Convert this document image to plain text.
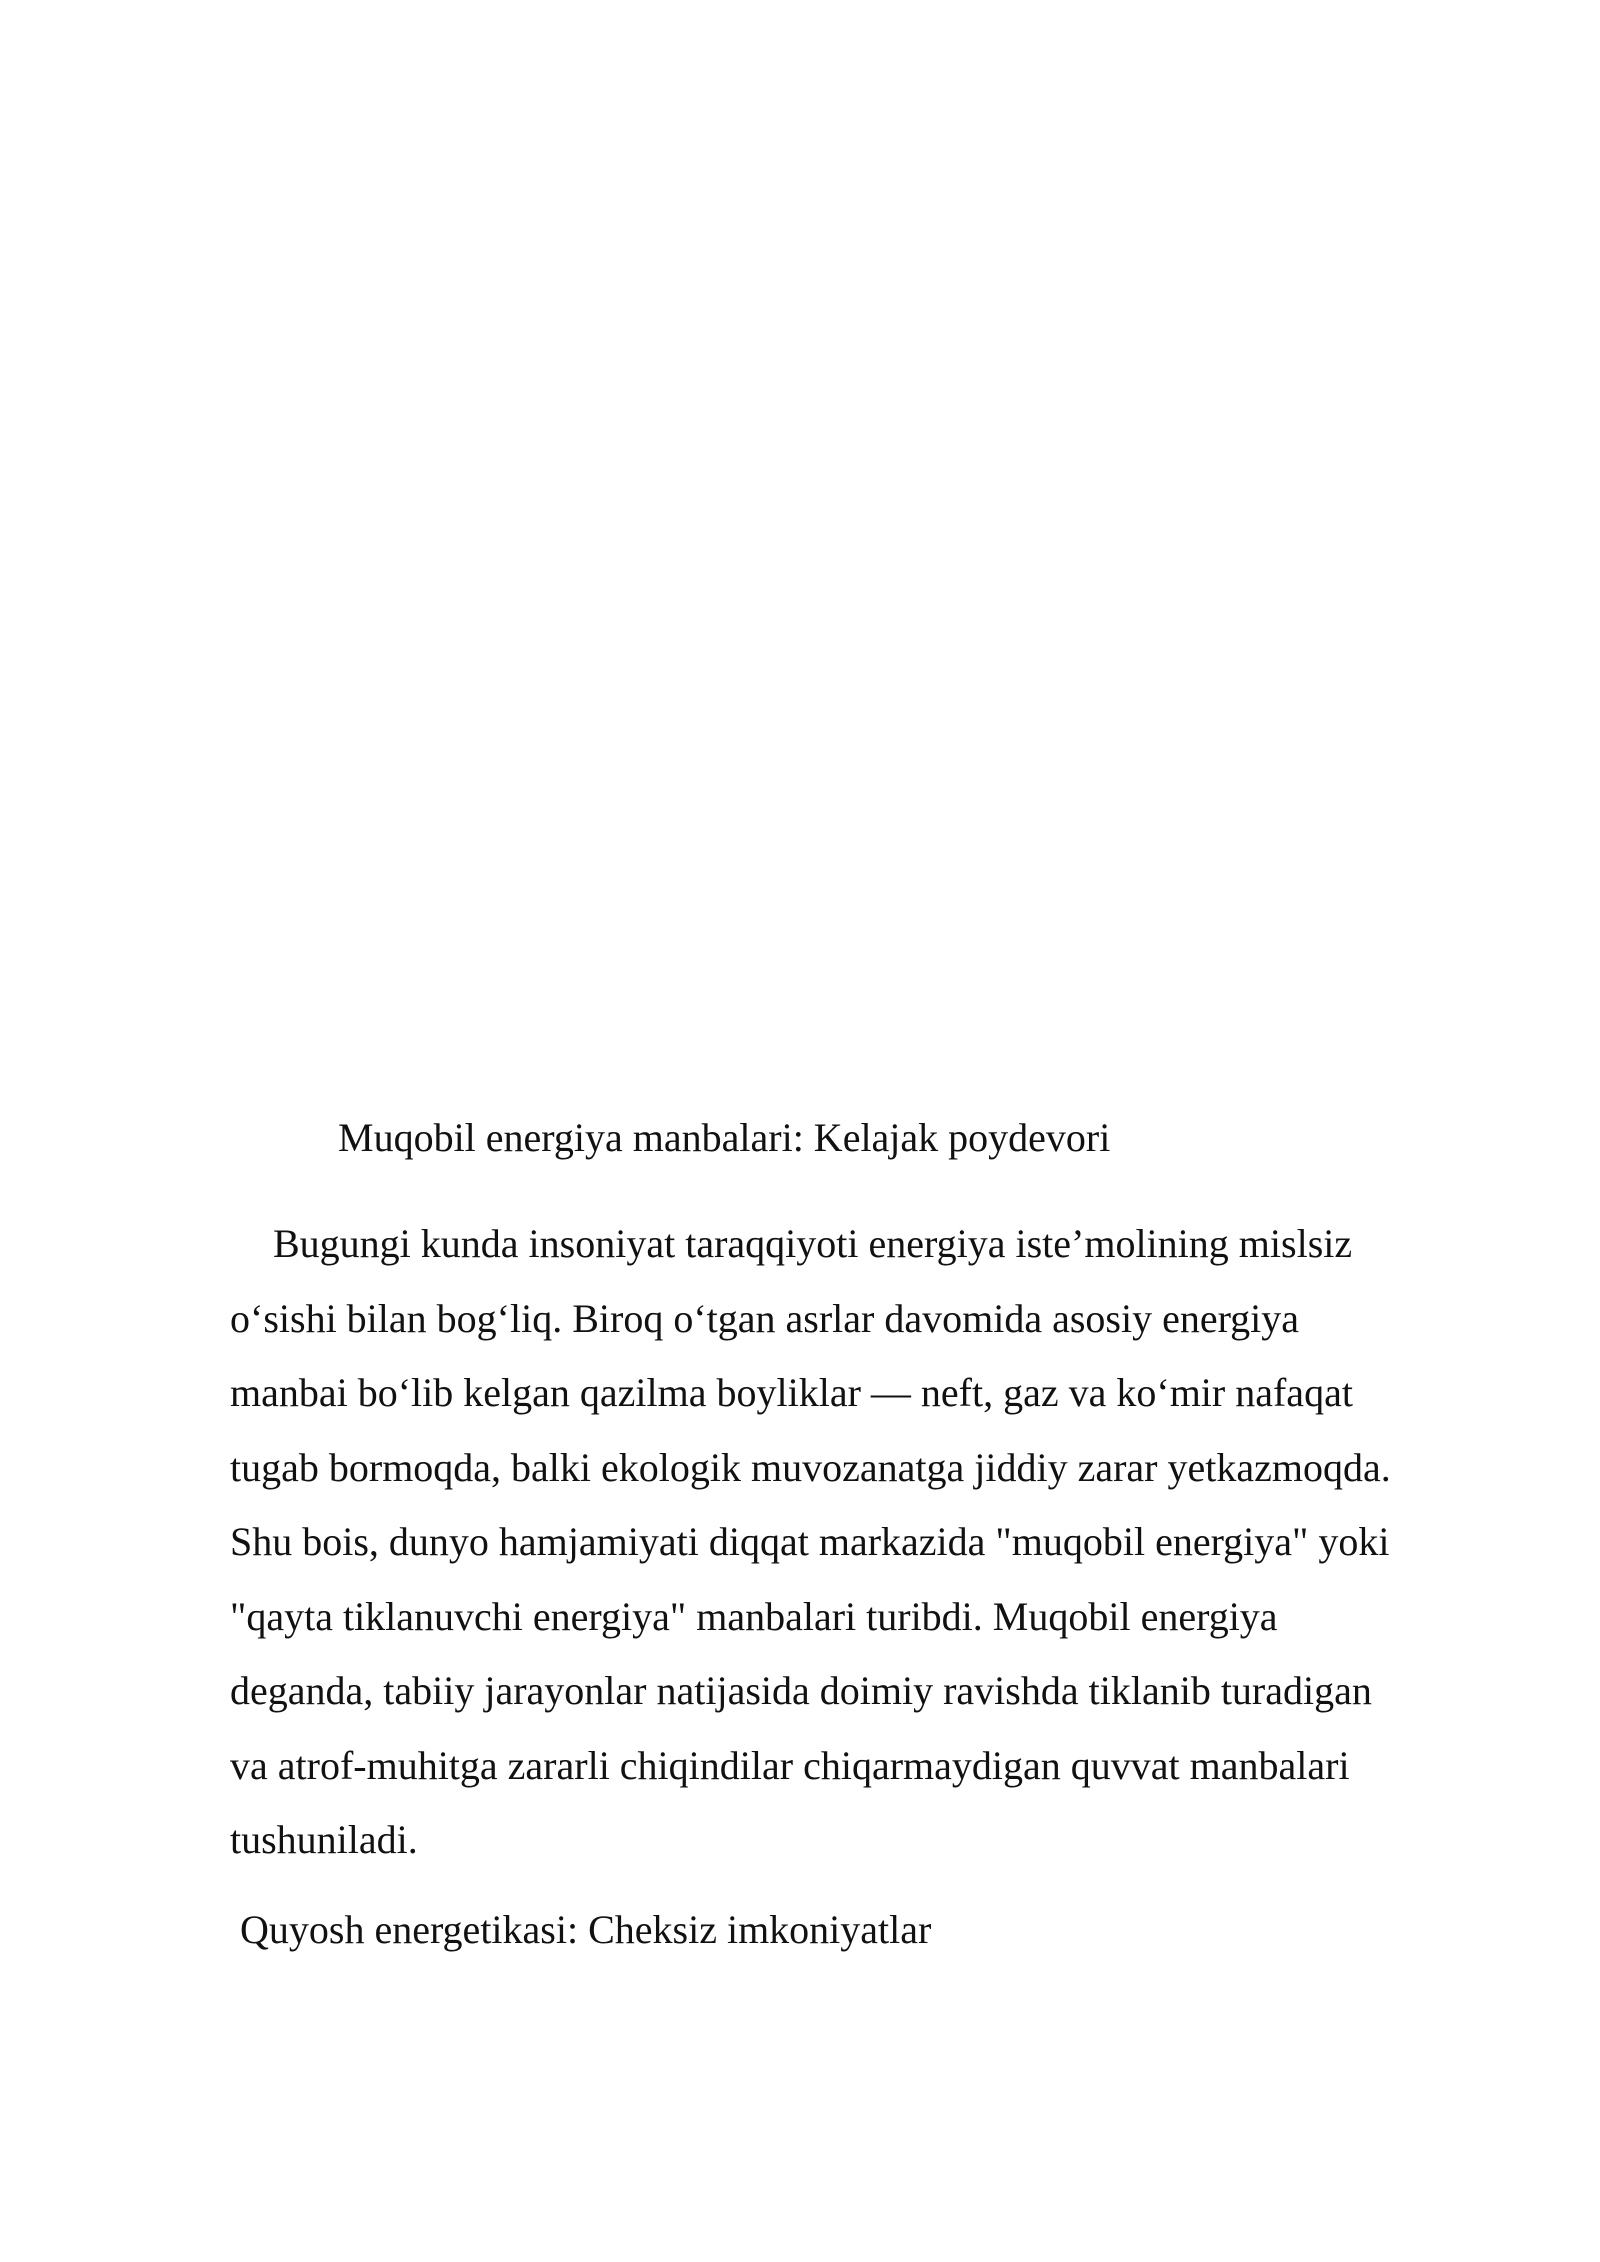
Muqobil energiya manbalari: Kelajak poydevori

Bugungi kunda insoniyat taraqqiyoti energiya iste’molining mislsiz
o‘sishi bilan bog‘liq. Biroq o‘tgan asrlar davomida asosiy energiya
manbai bo‘lib kelgan qazilma boyliklar — neft, gaz va ko‘mir nafaqat
tugab bormoqda, balki ekologik muvozanatga jiddiy zarar yetkazmoqda.
Shu bois, dunyo hamjamiyati diqqat markazida "muqobil energiya" yoki
"qayta tiklanuvchi energiya" manbalari turibdi. Muqobil energiya
deganda, tabiiy jarayonlar natijasida doimiy ravishda tiklanib turadigan
va atrof-muhitga zararli chiqindilar chiqarmaydigan quvvat manbalari
tushuniladi.

Quyosh energetikasi: Cheksiz imkoniyatlar
